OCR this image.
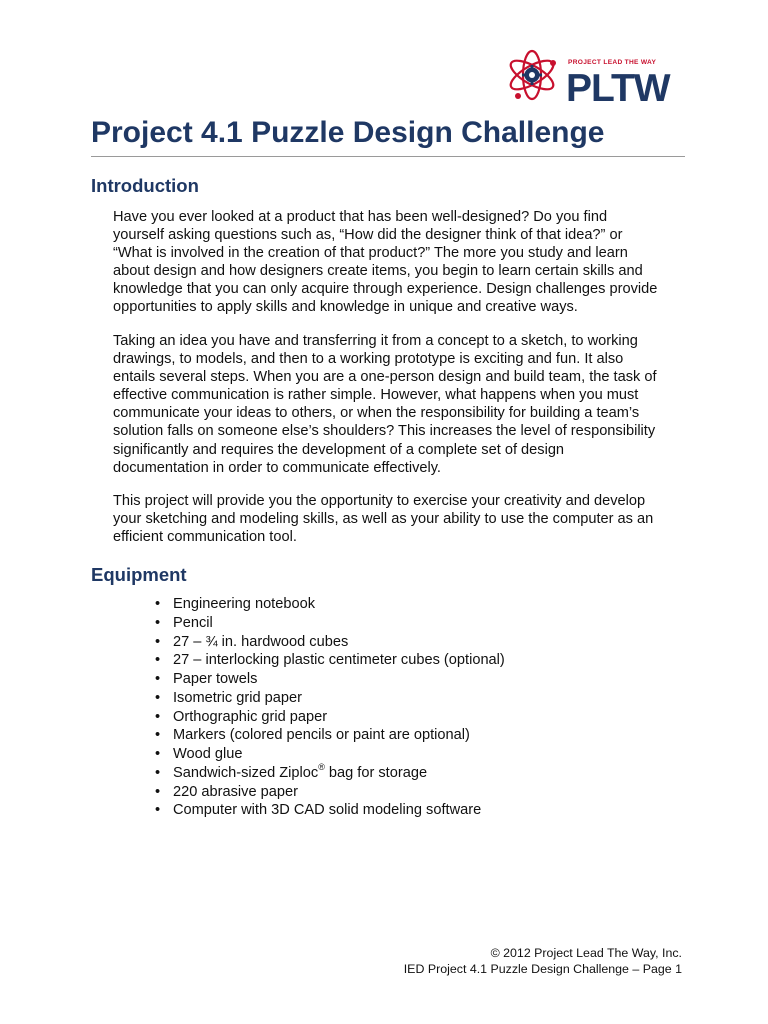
PROJECT LEAD THE WAY
PLTW
Project 4.1 Puzzle Design Challenge
Introduction

Have you ever looked at a product that has been well-designed? Do you find
yourself asking questions such as, “How did the designer think of that idea?” or
“What is involved in the creation of that product?” The more you study and learn
about design and how designers create items, you begin to learn certain skills and
knowledge that you can only acquire through experience. Design challenges provide
opportunities to apply skills and knowledge in unique and creative ways.

Taking an idea you have and transferring it from a concept to a sketch, to working
drawings, to models, and then to a working prototype is exciting and fun. It also
entails several steps. When you are a one-person design and build team, the task of
effective communication is rather simple. However, what happens when you must
communicate your ideas to others, or when the responsibility for building a team’s
solution falls on someone else’s shoulders? This increases the level of responsibility
significantly and requires the development of a complete set of design
documentation in order to communicate effectively.

This project will provide you the opportunity to exercise your creativity and develop
your sketching and modeling skills, as well as your ability to use the computer as an
efficient communication tool.

Equipment
• Engineering notebook
• Pencil
• 27 – ¾ in. hardwood cubes
• 27 – interlocking plastic centimeter cubes (optional)
• Paper towels
• Isometric grid paper
• Orthographic grid paper
• Markers (colored pencils or paint are optional)
• Wood glue
• Sandwich-sized Ziploc® bag for storage
• 220 abrasive paper
• Computer with 3D CAD solid modeling software
© 2012 Project Lead The Way, Inc.
IED Project 4.1 Puzzle Design Challenge – Page 1
